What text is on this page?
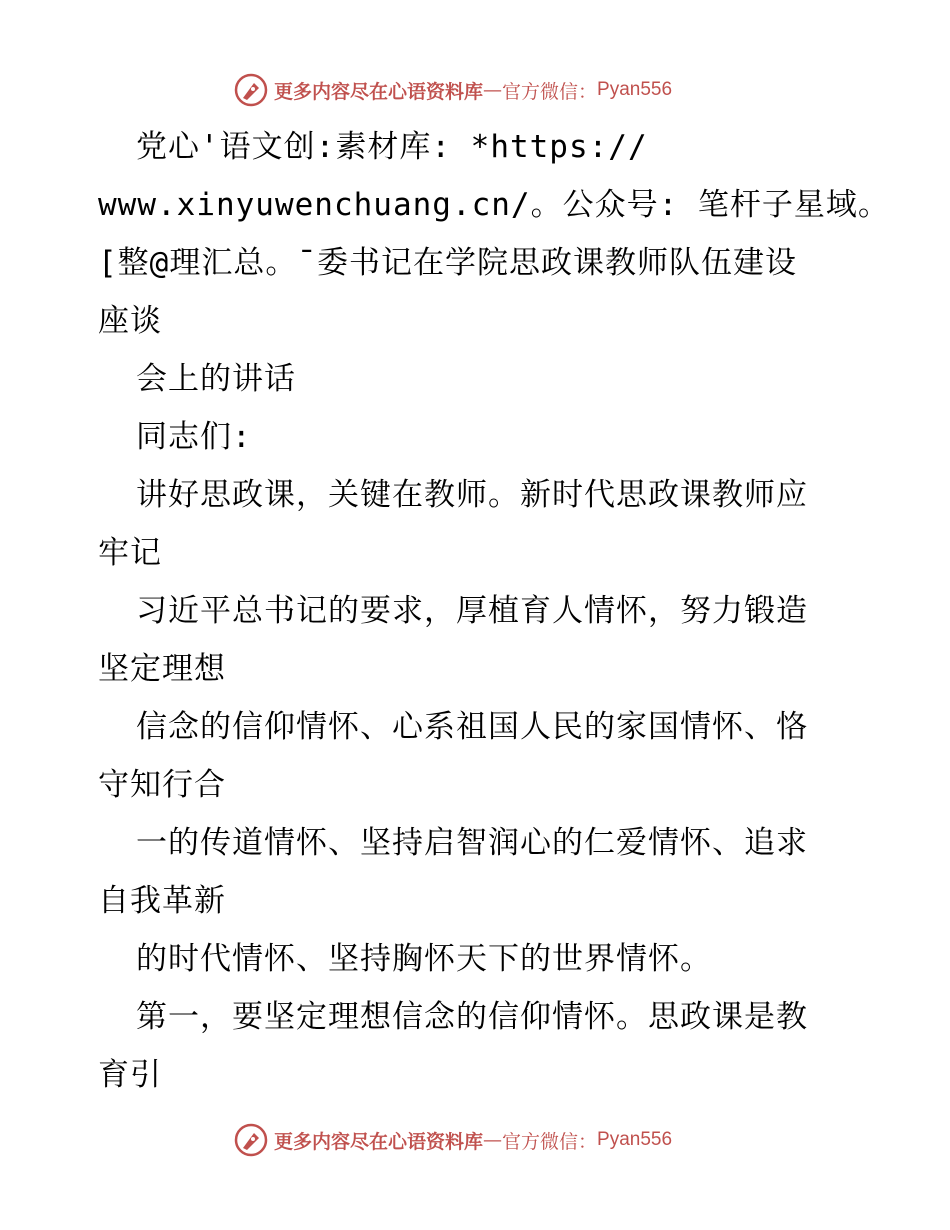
更多内容尽在心语资料库 — 官方微信： Pyan556
党心'语文创:素材库: *https://
www.xinyuwenchuang.cn/。公众号: 笔杆子星域。
[整@理汇总。¯委书记在学院思政课教师队伍建设
座谈
会上的讲话
同志们:
讲好思政课，关键在教师。新时代思政课教师应
牢记
习近平总书记的要求，厚植育人情怀，努力锻造
坚定理想
信念的信仰情怀、心系祖国人民的家国情怀、恪
守知行合
一的传道情怀、坚持启智润心的仁爱情怀、追求
自我革新
的时代情怀、坚持胸怀天下的世界情怀。
第一，要坚定理想信念的信仰情怀。思政课是教
育引
更多内容尽在心语资料库 — 官方微信： Pyan556
